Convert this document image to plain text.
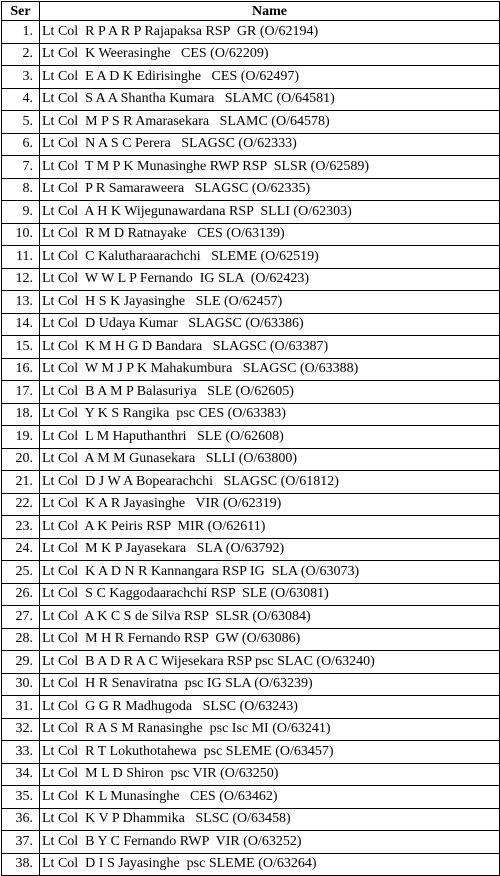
Ser	Name
1.	Lt Col  R P A R P Rajapaksa RSP  GR (O/62194)
2.	Lt Col  K Weerasinghe   CES (O/62209)
3.	Lt Col  E A D K Edirisinghe   CES (O/62497)
4.	Lt Col  S A A Shantha Kumara   SLAMC (O/64581)
5.	Lt Col  M P S R Amarasekara   SLAMC (O/64578)
6.	Lt Col  N A S C Perera   SLAGSC (O/62333)
7.	Lt Col  T M P K Munasinghe RWP RSP  SLSR (O/62589)
8.	Lt Col  P R Samaraweera   SLAGSC (O/62335)
9.	Lt Col  A H K Wijegunawardana RSP  SLLI (O/62303)
10.	Lt Col  R M D Ratnayake   CES (O/63139)
11.	Lt Col  C Kalutharaarachchi   SLEME (O/62519)
12.	Lt Col  W W L P Fernando  IG SLA  (O/62423)
13.	Lt Col  H S K Jayasinghe   SLE (O/62457)
14.	Lt Col  D Udaya Kumar   SLAGSC (O/63386)
15.	Lt Col  K M H G D Bandara   SLAGSC (O/63387)
16.	Lt Col  W M J P K Mahakumbura   SLAGSC (O/63388)
17.	Lt Col  B A M P Balasuriya   SLE (O/62605)
18.	Lt Col  Y K S Rangika  psc CES (O/63383)
19.	Lt Col  L M Haputhanthri   SLE (O/62608)
20.	Lt Col  A M M Gunasekara   SLLI (O/63800)
21.	Lt Col  D J W A Bopearachchi   SLAGSC (O/61812)
22.	Lt Col  K A R Jayasinghe   VIR (O/62319)
23.	Lt Col  A K Peiris RSP  MIR (O/62611)
24.	Lt Col  M K P Jayasekara   SLA (O/63792)
25.	Lt Col  K A D N R Kannangara RSP IG  SLA (O/63073)
26.	Lt Col  S C Kaggodaarachchi RSP  SLE (O/63081)
27.	Lt Col  A K C S de Silva RSP  SLSR (O/63084)
28.	Lt Col  M H R Fernando RSP  GW (O/63086)
29.	Lt Col  B A D R A C Wijesekara RSP psc SLAC (O/63240)
30.	Lt Col  H R Senaviratna  psc IG SLA (O/63239)
31.	Lt Col  G G R Madhugoda   SLSC (O/63243)
32.	Lt Col  R A S M Ranasinghe  psc Isc MI (O/63241)
33.	Lt Col  R T Lokuthotahewa  psc SLEME (O/63457)
34.	Lt Col  M L D Shiron  psc VIR (O/63250)
35.	Lt Col  K L Munasinghe   CES (O/63462)
36.	Lt Col  K V P Dhammika   SLSC (O/63458)
37.	Lt Col  B Y C Fernando RWP  VIR (O/63252)
38.	Lt Col  D I S Jayasinghe  psc SLEME (O/63264)
